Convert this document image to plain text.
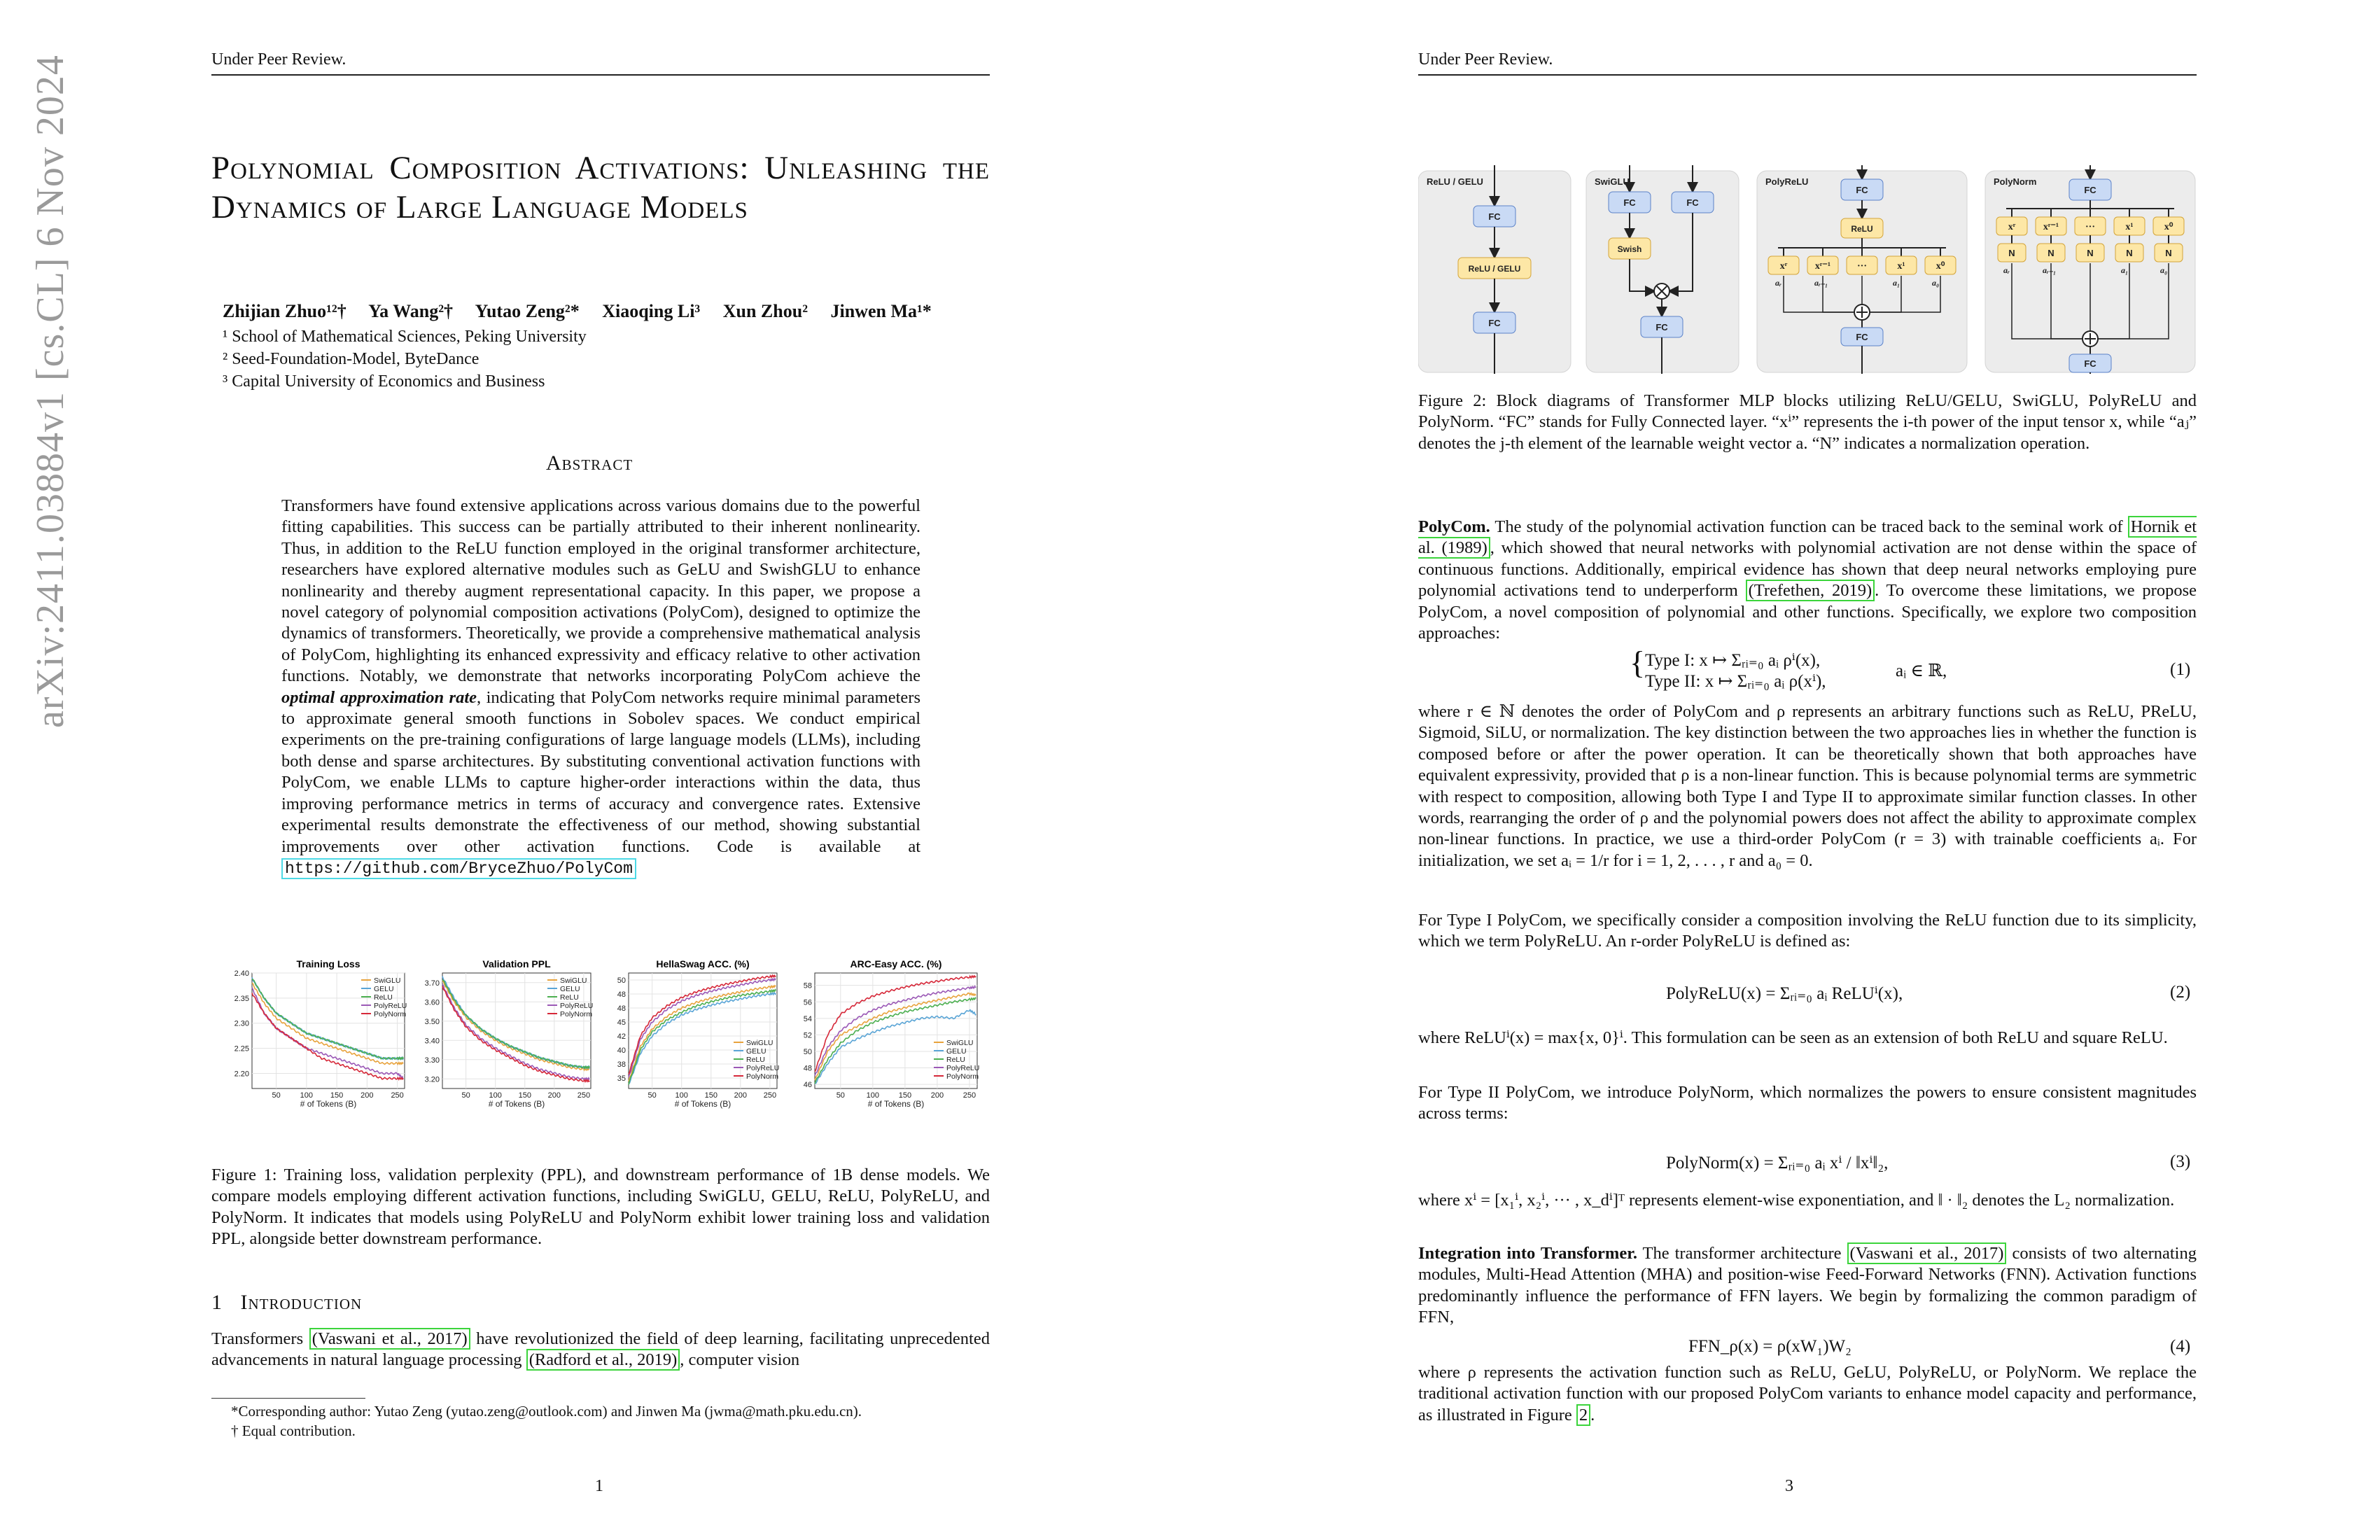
arXiv:2411.03884v1 [cs.CL] 6 Nov 2024	Under Peer Review.
Polynomial Composition Activations: Unleashing the Dynamics of Large Language Models
Zhijian Zhuo¹²† Ya Wang²† Yutao Zeng²* Xiaoqing Li³ Xun Zhou² Jinwen Ma¹*
¹ School of Mathematical Sciences, Peking University
² Seed-Foundation-Model, ByteDance
³ Capital University of Economics and Business
Abstract
Transformers have found extensive applications across various domains due to the powerful fitting capabilities. This success can be partially attributed to their inherent nonlinearity. Thus, in addition to the ReLU function employed in the original transformer architecture, researchers have explored alternative modules such as GeLU and SwishGLU to enhance nonlinearity and thereby augment representational capacity. In this paper, we propose a novel category of polynomial composition activations (PolyCom), designed to optimize the dynamics of transformers. Theoretically, we provide a comprehensive mathematical analysis of PolyCom, highlighting its enhanced expressivity and efficacy relative to other activation functions. Notably, we demonstrate that networks incorporating PolyCom achieve the optimal approximation rate, indicating that PolyCom networks require minimal parameters to approximate general smooth functions in Sobolev spaces. We conduct empirical experiments on the pre-training configurations of large language models (LLMs), including both dense and sparse architectures. By substituting conventional activation functions with PolyCom, we enable LLMs to capture higher-order interactions within the data, thus improving performance metrics in terms of accuracy and convergence rates. Extensive experimental results demonstrate the effectiveness of our method, showing substantial improvements over other activation functions. Code is available at https://github.com/BryceZhuo/PolyCom
Training Loss
2.20
2.25
2.30
2.35
2.40
50	100 150 200 250
# of Tokens (B)
SwiGLU
GELU
ReLU
PolyReLU
PolyNorm
Validation PPL
3.20
3.30
3.40
3.50
3.60
3.70
50 100 150 200 250
# of Tokens (B)
SwiGLU
GELU
ReLU
PolyReLU
PolyNorm
HellaSwag ACC. (%)
35
38
40
42
45
48
48
50
50 100 150 200 250
# of Tokens (B)
SwiGLU
GELU
ReLU
PolyReLU
PolyNorm
ARC-Easy ACC. (%)
46
48
50
52
54
56
58
50	100	150	200	250
# of Tokens (B)
SwiGLU
GELU
ReLU
PolyReLU
PolyNorm
Figure 1: Training loss, validation perplexity (PPL), and downstream performance of 1B dense models. We compare models employing different activation functions, including SwiGLU, GELU, ReLU, PolyReLU, and PolyNorm. It indicates that models using PolyReLU and PolyNorm exhibit lower training loss and validation PPL, alongside better downstream performance.
1 Introduction
Transformers (Vaswani et al., 2017) have revolutionized the field of deep learning, facilitating unprecedented advancements in natural language processing (Radford et al., 2019) , computer vision
*Corresponding author: Yutao Zeng (yutao.zeng@outlook.com) and Jinwen Ma (jwma@math.pku.edu.cn).
† Equal contribution.
1
Under Peer Review.
Figure 2: Block diagrams of Transformer MLP blocks utilizing ReLU/GELU, SwiGLU, PolyReLU and PolyNorm. “FC” stands for Fully Connected layer. “xⁱ” represents the i-th power of the input tensor x, while “aⱼ” denotes the j-th element of the learnable weight vector a. “N” indicates a normalization operation.
PolyCom. The study of the polynomial activation function can be traced back to the seminal work of Hornik et al. (1989) , which showed that neural networks with polynomial activation are not dense within the space of continuous functions. Additionally, empirical evidence has shown that deep neural networks employing pure polynomial activations tend to underperform (Trefethen, 2019) . To overcome these limitations, we propose PolyCom, a novel composition of polynomial and other functions. Specifically, we explore two composition approaches:
{ Type I: x ↦ Σᵣᵢ₌₀ aᵢ ρⁱ(x),
Type II: x ↦ Σᵣᵢ₌₀ aᵢ ρ(xⁱ),
aᵢ ∈ ℝ,	(1)
where r ∈ ℕ denotes the order of PolyCom and ρ represents an arbitrary functions such as ReLU, PReLU, Sigmoid, SiLU, or normalization. The key distinction between the two approaches lies in whether the function is composed before or after the power operation. It can be theoretically shown that both approaches have equivalent expressivity, provided that ρ is a non-linear function. This is because polynomial terms are symmetric with respect to composition, allowing both Type I and Type II to approximate similar function classes. In other words, rearranging the order of ρ and the polynomial powers does not affect the ability to approximate complex non-linear functions. In practice, we use a third-order PolyCom (r = 3) with trainable coefficients aᵢ. For initialization, we set aᵢ = 1/r for i = 1, 2, . . . , r and a₀ = 0.
For Type I PolyCom, we specifically consider a composition involving the ReLU function due to its simplicity, which we term PolyReLU. An r-order PolyReLU is defined as:
PolyReLU(x) = Σᵣᵢ₌₀ aᵢ ReLUⁱ(x),	(2)
where ReLUⁱ(x) = max{x, 0}ⁱ. This formulation can be seen as an extension of both ReLU and square ReLU.
For Type II PolyCom, we introduce PolyNorm, which normalizes the powers to ensure consistent magnitudes across terms:
PolyNorm(x) = Σᵣᵢ₌₀ aᵢ xⁱ / ‖xⁱ‖₂,	(3)
where xⁱ = [x₁ⁱ, x₂ⁱ, ··· , x_dⁱ]ᵀ represents element-wise exponentiation, and ‖ · ‖₂ denotes the L₂ normalization.
Integration into Transformer. The transformer architecture (Vaswani et al., 2017) consists of two alternating modules, Multi-Head Attention (MHA) and position-wise Feed-Forward Networks (FNN). Activation functions predominantly influence the performance of FFN layers. We begin by formalizing the common paradigm of FFN,
FFN_ρ(x) = ρ(xW₁)W₂	(4)
where ρ represents the activation function such as ReLU, GeLU, PolyReLU, or PolyNorm. We replace the traditional activation function with our proposed PolyCom variants to enhance model capacity and performance, as illustrated in Figure 2 .
3
ReLU / GELU
FC
ReLU / GELU
FC
SwiGLU
FC	FC
Swish
FC
PolyReLU
FC
ReLU
xʳ
aᵣ
xʳ⁻¹
aᵣ₋₁
···	x¹
a₁
x⁰
a₀
FC
PolyNorm
FC
xʳ
N
aᵣ
xʳ⁻¹
N
aᵣ₋₁
···
N
x¹
N
a₁
x⁰
N
a₀
FC
